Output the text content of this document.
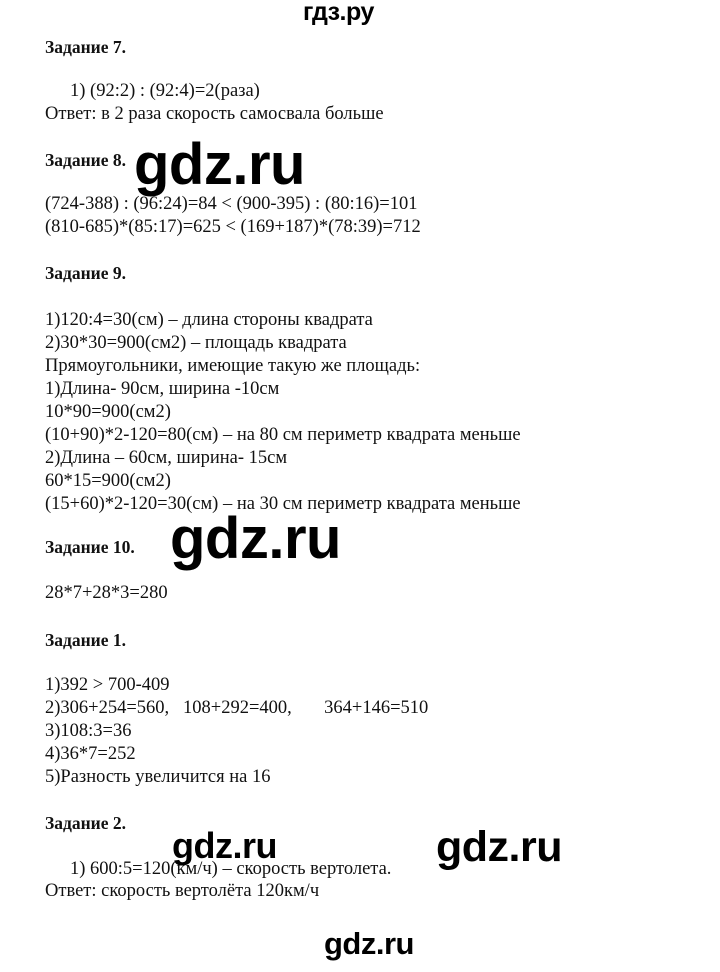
гдз.ру
Задание 7.
1) (92:2) : (92:4)=2(раза)
Ответ: в 2 раза скорость самосвала больше
Задание 8. gdz.ru
(724-388) : (96:24)=84 < (900-395) : (80:16)=101
(810-685)*(85:17)=625 < (169+187)*(78:39)=712
Задание 9.
1)120:4=30(см) – длина стороны квадрата
2)30*30=900(см2) – площадь квадрата
Прямоугольники, имеющие такую же площадь:
1)Длина- 90см, ширина -10см
10*90=900(см2)
(10+90)*2-120=80(см) – на 80 см периметр квадрата меньше
2)Длина – 60см, ширина- 15см
60*15=900(см2)
(15+60)*2-120=30(см) – на 30 см периметр квадрата меньше
gdz.ru
Задание 10.
28*7+28*3=280
Задание 1.
1)392 > 700-409
2)306+254=560,   108+292=400,       364+146=510
3)108:3=36
4)36*7=252
5)Разность увеличится на 16
Задание 2.
1) 600:5=120(км/ч) – скорость вертолета.
Ответ: скорость вертолёта 120км/ч
gdz.ru	gdz.ru
gdz.ru
